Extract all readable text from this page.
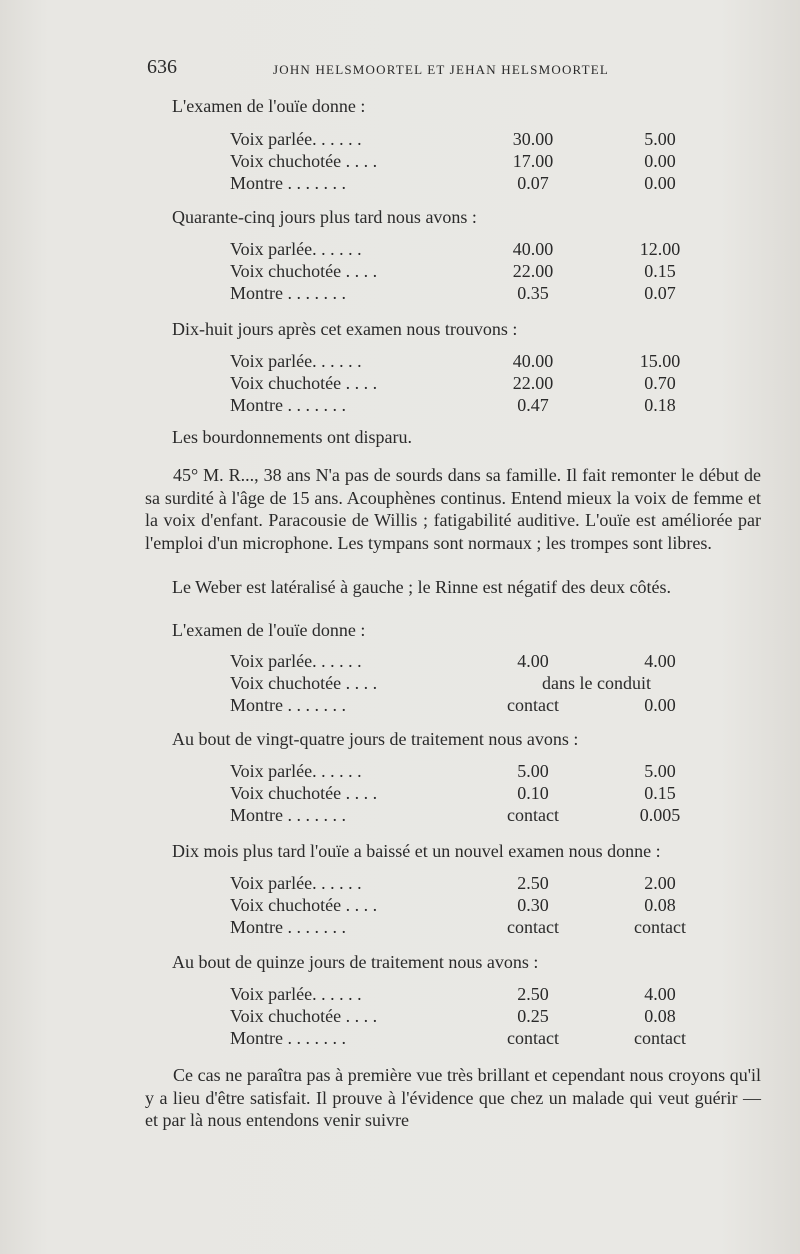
636	JOHN HELSMOORTEL ET JEHAN HELSMOORTEL
L'examen de l'ouïe donne :
Voix parlée. . . . . .	30.00	5.00
Voix chuchotée . . . .	17.00	0.00
Montre . . . . . . .	0.07	0.00
Quarante-cinq jours plus tard nous avons :
Voix parlée. . . . . .	40.00	12.00
Voix chuchotée . . . .	22.00	0.15
Montre . . . . . . .	0.35	0.07
Dix-huit jours après cet examen nous trouvons :
Voix parlée. . . . . .	40.00	15.00
Voix chuchotée . . . .	22.00	0.70
Montre . . . . . . .	0.47	0.18
Les bourdonnements ont disparu.
45° M. R..., 38 ans N'a pas de sourds dans sa famille. Il fait remonter le début de sa surdité à l'âge de 15 ans. Acouphènes continus. Entend mieux la voix de femme et la voix d'enfant. Paracousie de Willis ; fatigabilité auditive. L'ouïe est améliorée par l'emploi d'un microphone. Les tympans sont normaux ; les trompes sont libres.
Le Weber est latéralisé à gauche ; le Rinne est négatif des deux côtés.
L'examen de l'ouïe donne :
Voix parlée. . . . . .	4.00	4.00
Voix chuchotée . . . .	dans le conduit
Montre . . . . . . .	contact	0.00
Au bout de vingt-quatre jours de traitement nous avons :
Voix parlée. . . . . .	5.00	5.00
Voix chuchotée . . . .	0.10	0.15
Montre . . . . . . .	contact	0.005
Dix mois plus tard l'ouïe a baissé et un nouvel examen nous donne :
Voix parlée. . . . . .	2.50	2.00
Voix chuchotée . . . .	0.30	0.08
Montre . . . . . . .	contact	contact
Au bout de quinze jours de traitement nous avons :
Voix parlée. . . . . .	2.50	4.00
Voix chuchotée . . . .	0.25	0.08
Montre . . . . . . .	contact	contact
Ce cas ne paraîtra pas à première vue très brillant et cependant nous croyons qu'il y a lieu d'être satisfait. Il prouve à l'évidence que chez un malade qui veut guérir — et par là nous entendons venir suivre
